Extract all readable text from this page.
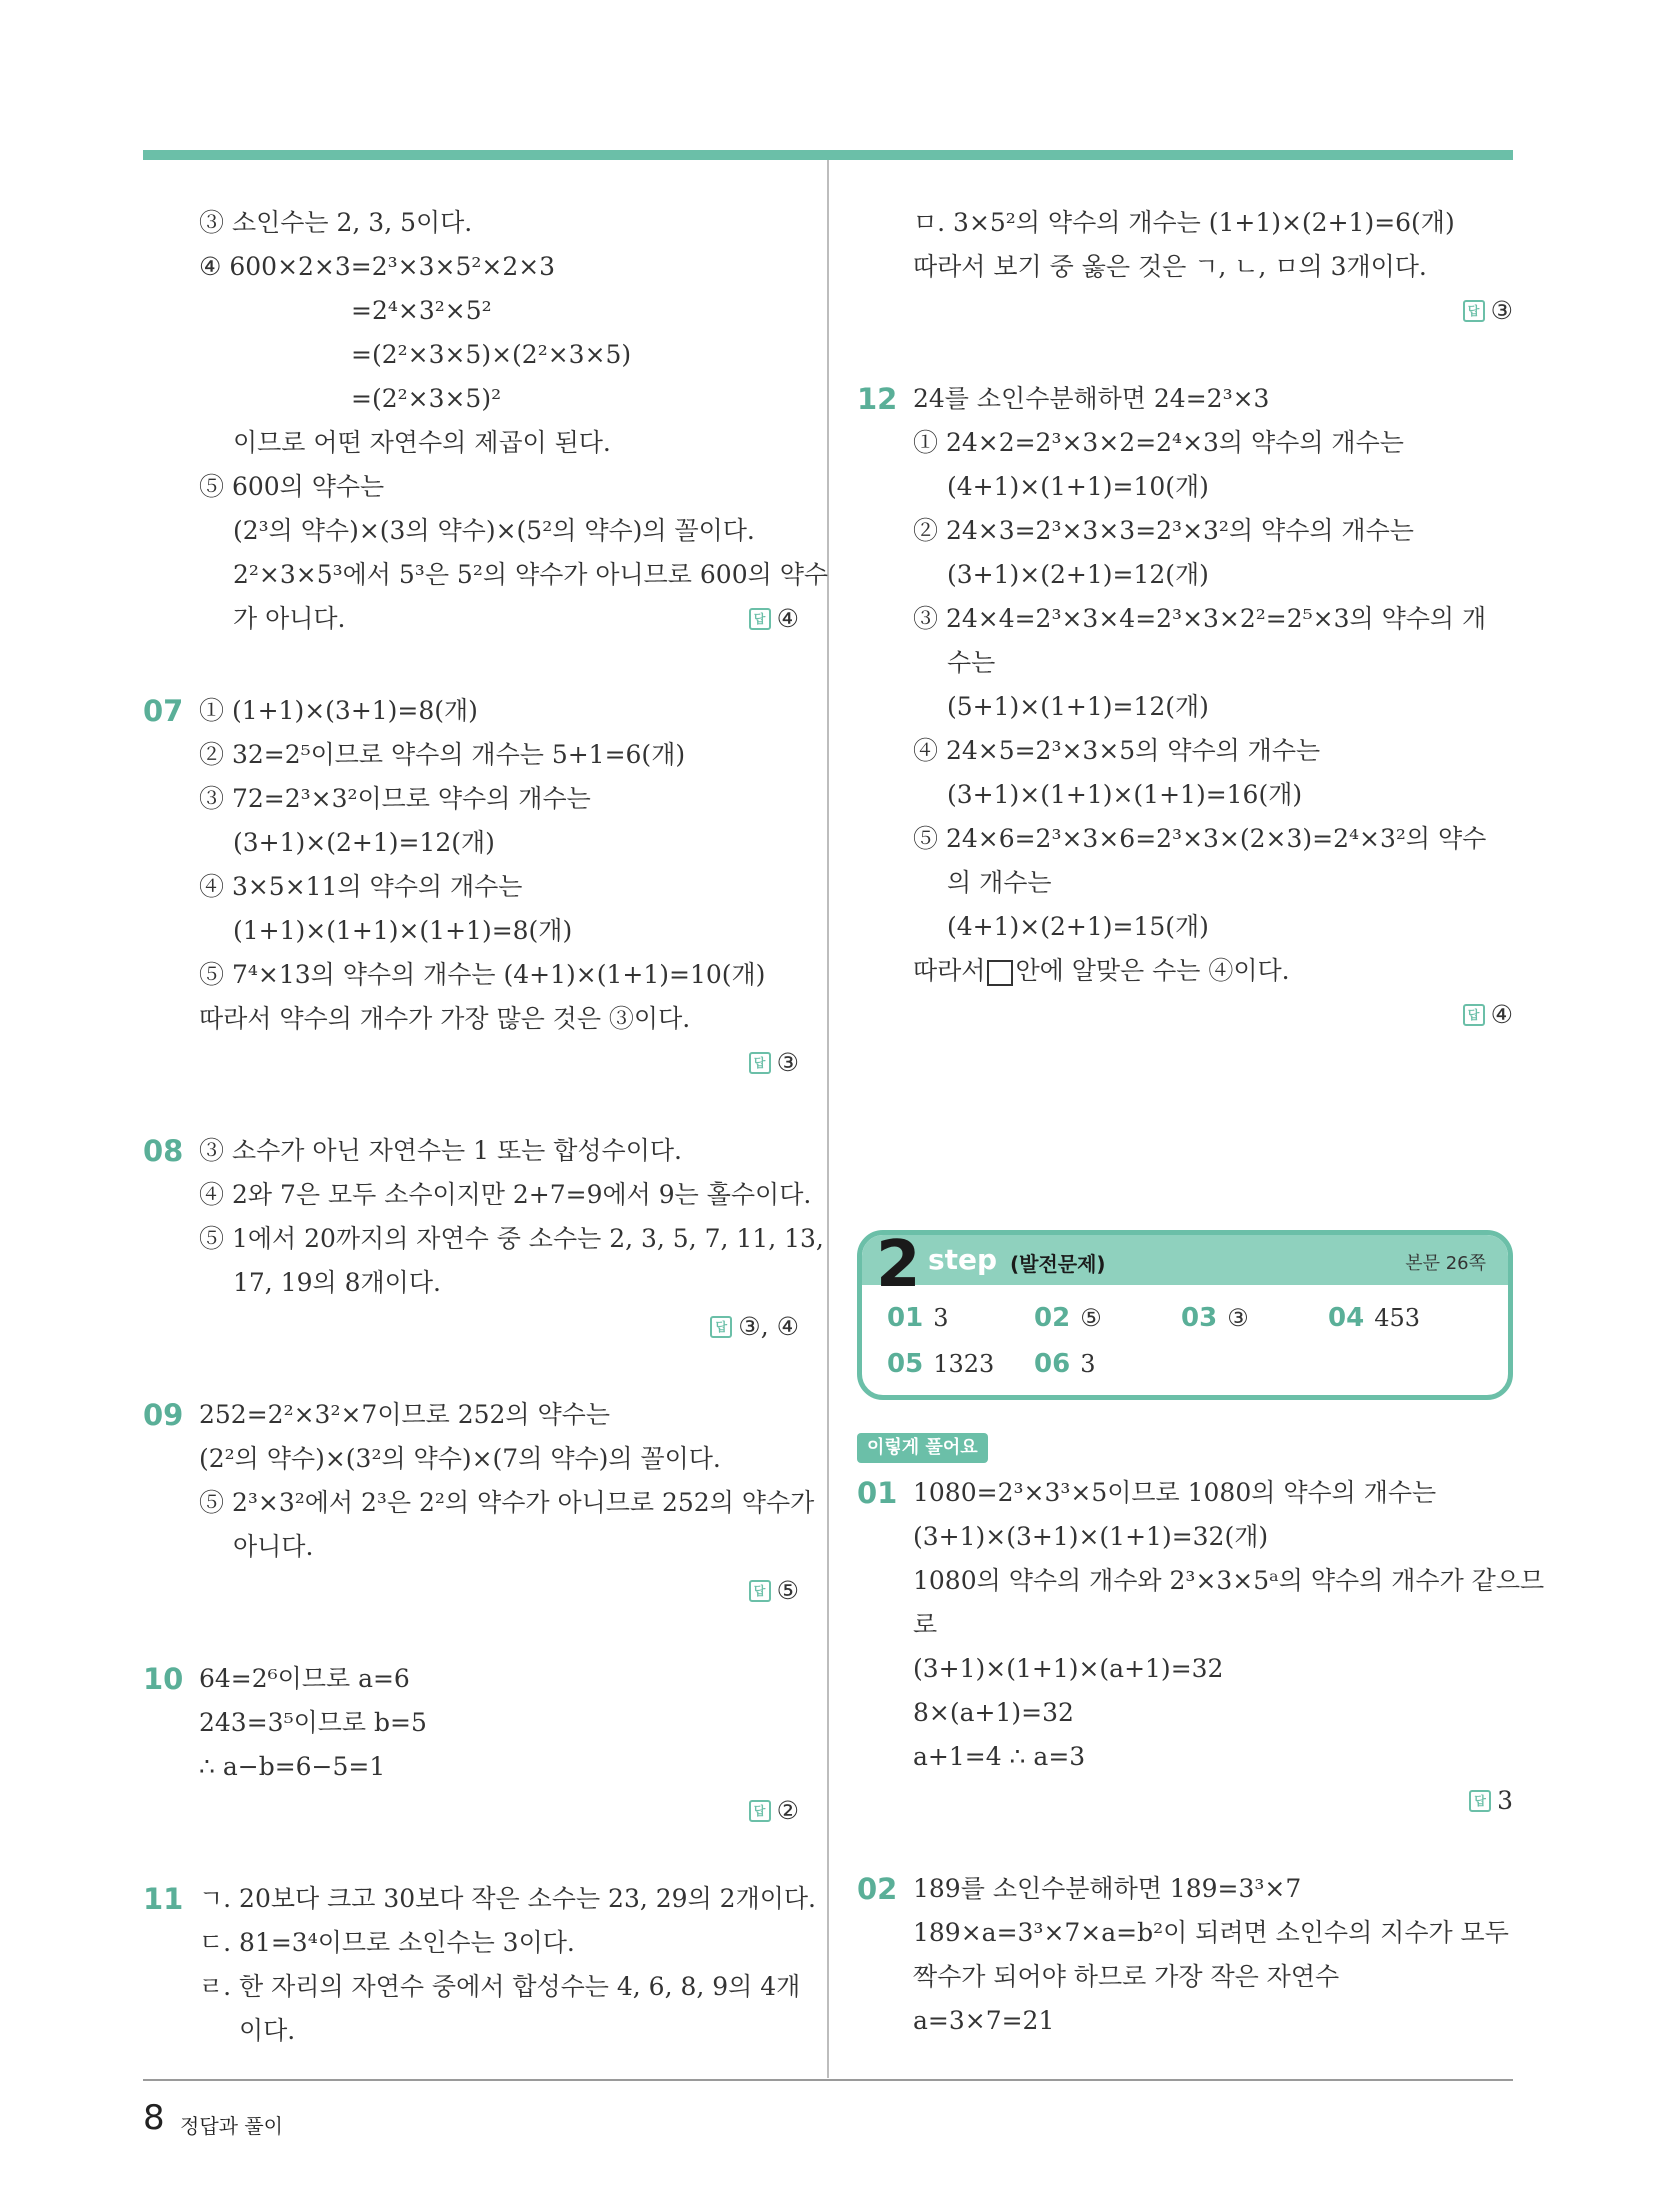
③ 소인수는 2, 3, 5이다.
④ 600×2×3=2³×3×5²×2×3
=2⁴×3²×5²
=(2²×3×5)×(2²×3×5)
=(2²×3×5)²
이므로 어떤 자연수의 제곱이 된다.
⑤ 600의 약수는
(2³의 약수)×(3의 약수)×(5²의 약수)의 꼴이다.
2²×3×5³에서 5³은 5²의 약수가 아니므로 600의 약수
가 아니다.	답 ④
07 ① (1+1)×(3+1)=8(개)
② 32=2⁵이므로 약수의 개수는 5+1=6(개)
③ 72=2³×3²이므로 약수의 개수는
(3+1)×(2+1)=12(개)
④ 3×5×11의 약수의 개수는
(1+1)×(1+1)×(1+1)=8(개)
⑤ 7⁴×13의 약수의 개수는 (4+1)×(1+1)=10(개)
따라서 약수의 개수가 가장 많은 것은 ③이다.
답 ③
08 ③ 소수가 아닌 자연수는 1 또는 합성수이다.
④ 2와 7은 모두 소수이지만 2+7=9에서 9는 홀수이다.
⑤ 1에서 20까지의 자연수 중 소수는 2, 3, 5, 7, 11, 13,
17, 19의 8개이다.
답 ③, ④
09 252=2²×3²×7이므로 252의 약수는
(2²의 약수)×(3²의 약수)×(7의 약수)의 꼴이다.
⑤ 2³×3²에서 2³은 2²의 약수가 아니므로 252의 약수가
아니다.
답 ⑤
10 64=2⁶이므로 a=6
243=3⁵이므로 b=5
∴ a−b=6−5=1
답 ②
11 ㄱ. 20보다 크고 30보다 작은 소수는 23, 29의 2개이다.
ㄷ. 81=3⁴이므로 소인수는 3이다.
ㄹ. 한 자리의 자연수 중에서 합성수는 4, 6, 8, 9의 4개
이다.
ㅁ. 3×5²의 약수의 개수는 (1+1)×(2+1)=6(개)
따라서 보기 중 옳은 것은 ㄱ, ㄴ, ㅁ의 3개이다.
답 ③
12 24를 소인수분해하면 24=2³×3
① 24×2=2³×3×2=2⁴×3의 약수의 개수는
(4+1)×(1+1)=10(개)
② 24×3=2³×3×3=2³×3²의 약수의 개수는
(3+1)×(2+1)=12(개)
③ 24×4=2³×3×4=2³×3×2²=2⁵×3의 약수의 개
수는
(5+1)×(1+1)=12(개)
④ 24×5=2³×3×5의 약수의 개수는
(3+1)×(1+1)×(1+1)=16(개)
⑤ 24×6=2³×3×6=2³×3×(2×3)=2⁴×3²의 약수
의 개수는
(4+1)×(2+1)=15(개)
따라서 안에 알맞은 수는 ④이다.
답 ④
2 step (발전문제)	본문 26쪽
01 3	02 ⑤	03 ③	04 453
05 1323 06 3
이렇게 풀어요
01 1080=2³×3³×5이므로 1080의 약수의 개수는
(3+1)×(3+1)×(1+1)=32(개)
1080의 약수의 개수와 2³×3×5ᵃ의 약수의 개수가 같으므
로
(3+1)×(1+1)×(a+1)=32
8×(a+1)=32
a+1=4 ∴ a=3
답 3
02 189를 소인수분해하면 189=3³×7
189×a=3³×7×a=b²이 되려면 소인수의 지수가 모두
짝수가 되어야 하므로 가장 작은 자연수
a=3×7=21
8 정답과 풀이
